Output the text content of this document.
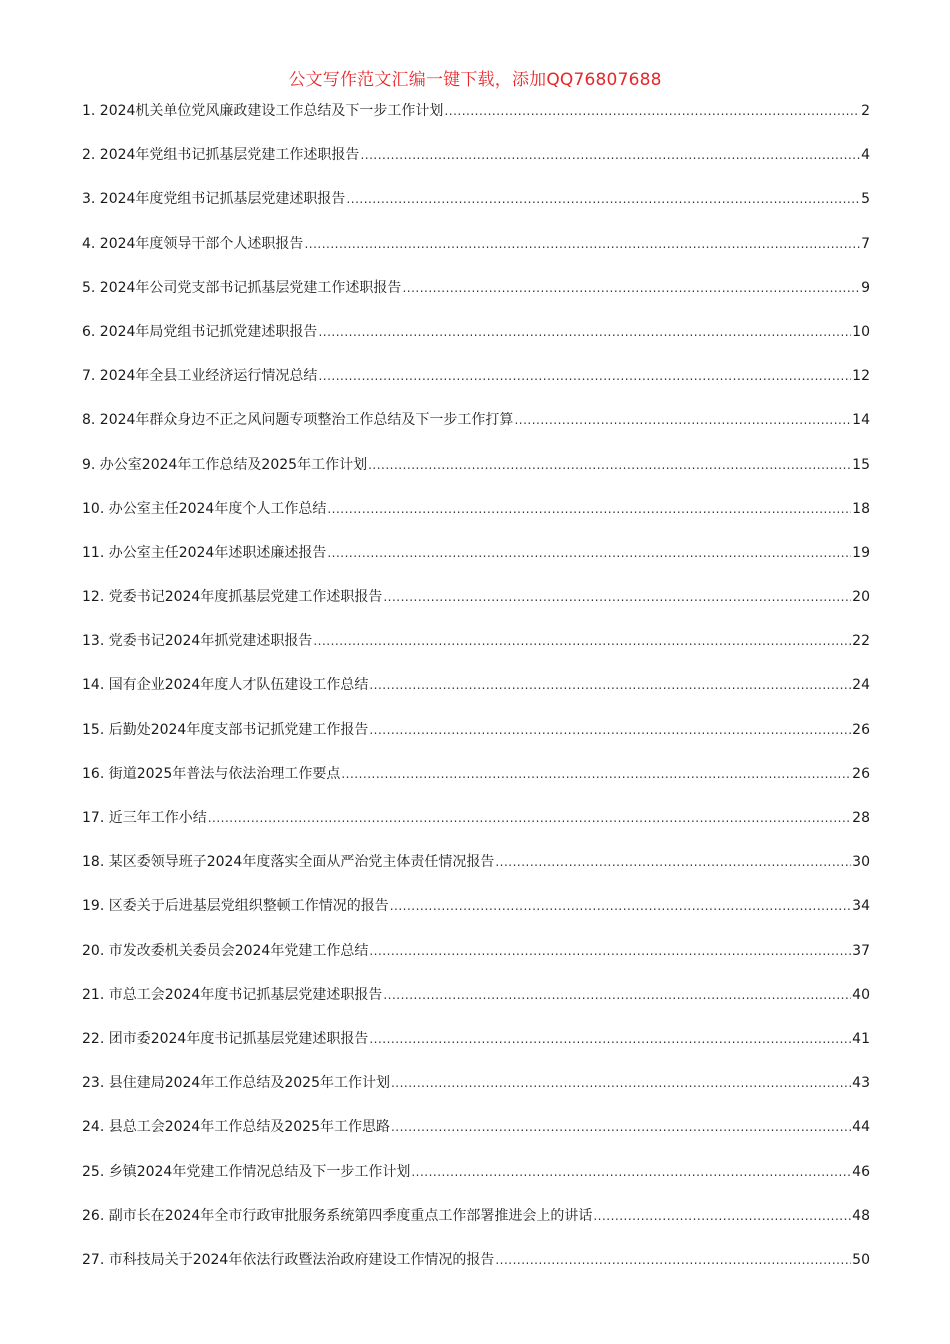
公文写作范文汇编一键下载，添加QQ76807688
1. 2024机关单位党风廉政建设工作总结及下一步工作计划 .....	2
2. 2024年党组书记抓基层党建工作述职报告 .....	4
3. 2024年度党组书记抓基层党建述职报告 .....	5
4. 2024年度领导干部个人述职报告 .....	7
5. 2024年公司党支部书记抓基层党建工作述职报告 .....	9
6. 2024年局党组书记抓党建述职报告 .....	10
7. 2024年全县工业经济运行情况总结 .....	12
8. 2024年群众身边不正之风问题专项整治工作总结及下一步工作打算 .....	14
9. 办公室2024年工作总结及2025年工作计划 .....	15
10. 办公室主任2024年度个人工作总结 .....	18
11. 办公室主任2024年述职述廉述报告 .....	19
12. 党委书记2024年度抓基层党建工作述职报告 .....	20
13. 党委书记2024年抓党建述职报告 .....	22
14. 国有企业2024年度人才队伍建设工作总结 .....	24
15. 后勤处2024年度支部书记抓党建工作报告 .....	26
16. 街道2025年普法与依法治理工作要点 .....	26
17. 近三年工作小结 .....	28
18. 某区委领导班子2024年度落实全面从严治党主体责任情况报告 .....	30
19. 区委关于后进基层党组织整顿工作情况的报告 .....	34
20. 市发改委机关委员会2024年党建工作总结 .....	37
21. 市总工会2024年度书记抓基层党建述职报告 .....	40
22. 团市委2024年度书记抓基层党建述职报告 .....	41
23. 县住建局2024年工作总结及2025年工作计划 .....	43
24. 县总工会2024年工作总结及2025年工作思路 .....	44
25. 乡镇2024年党建工作情况总结及下一步工作计划 .....	46
26. 副市长在2024年全市行政审批服务系统第四季度重点工作部署推进会上的讲话 .....	48
27. 市科技局关于2024年依法行政暨法治政府建设工作情况的报告 .....	50
